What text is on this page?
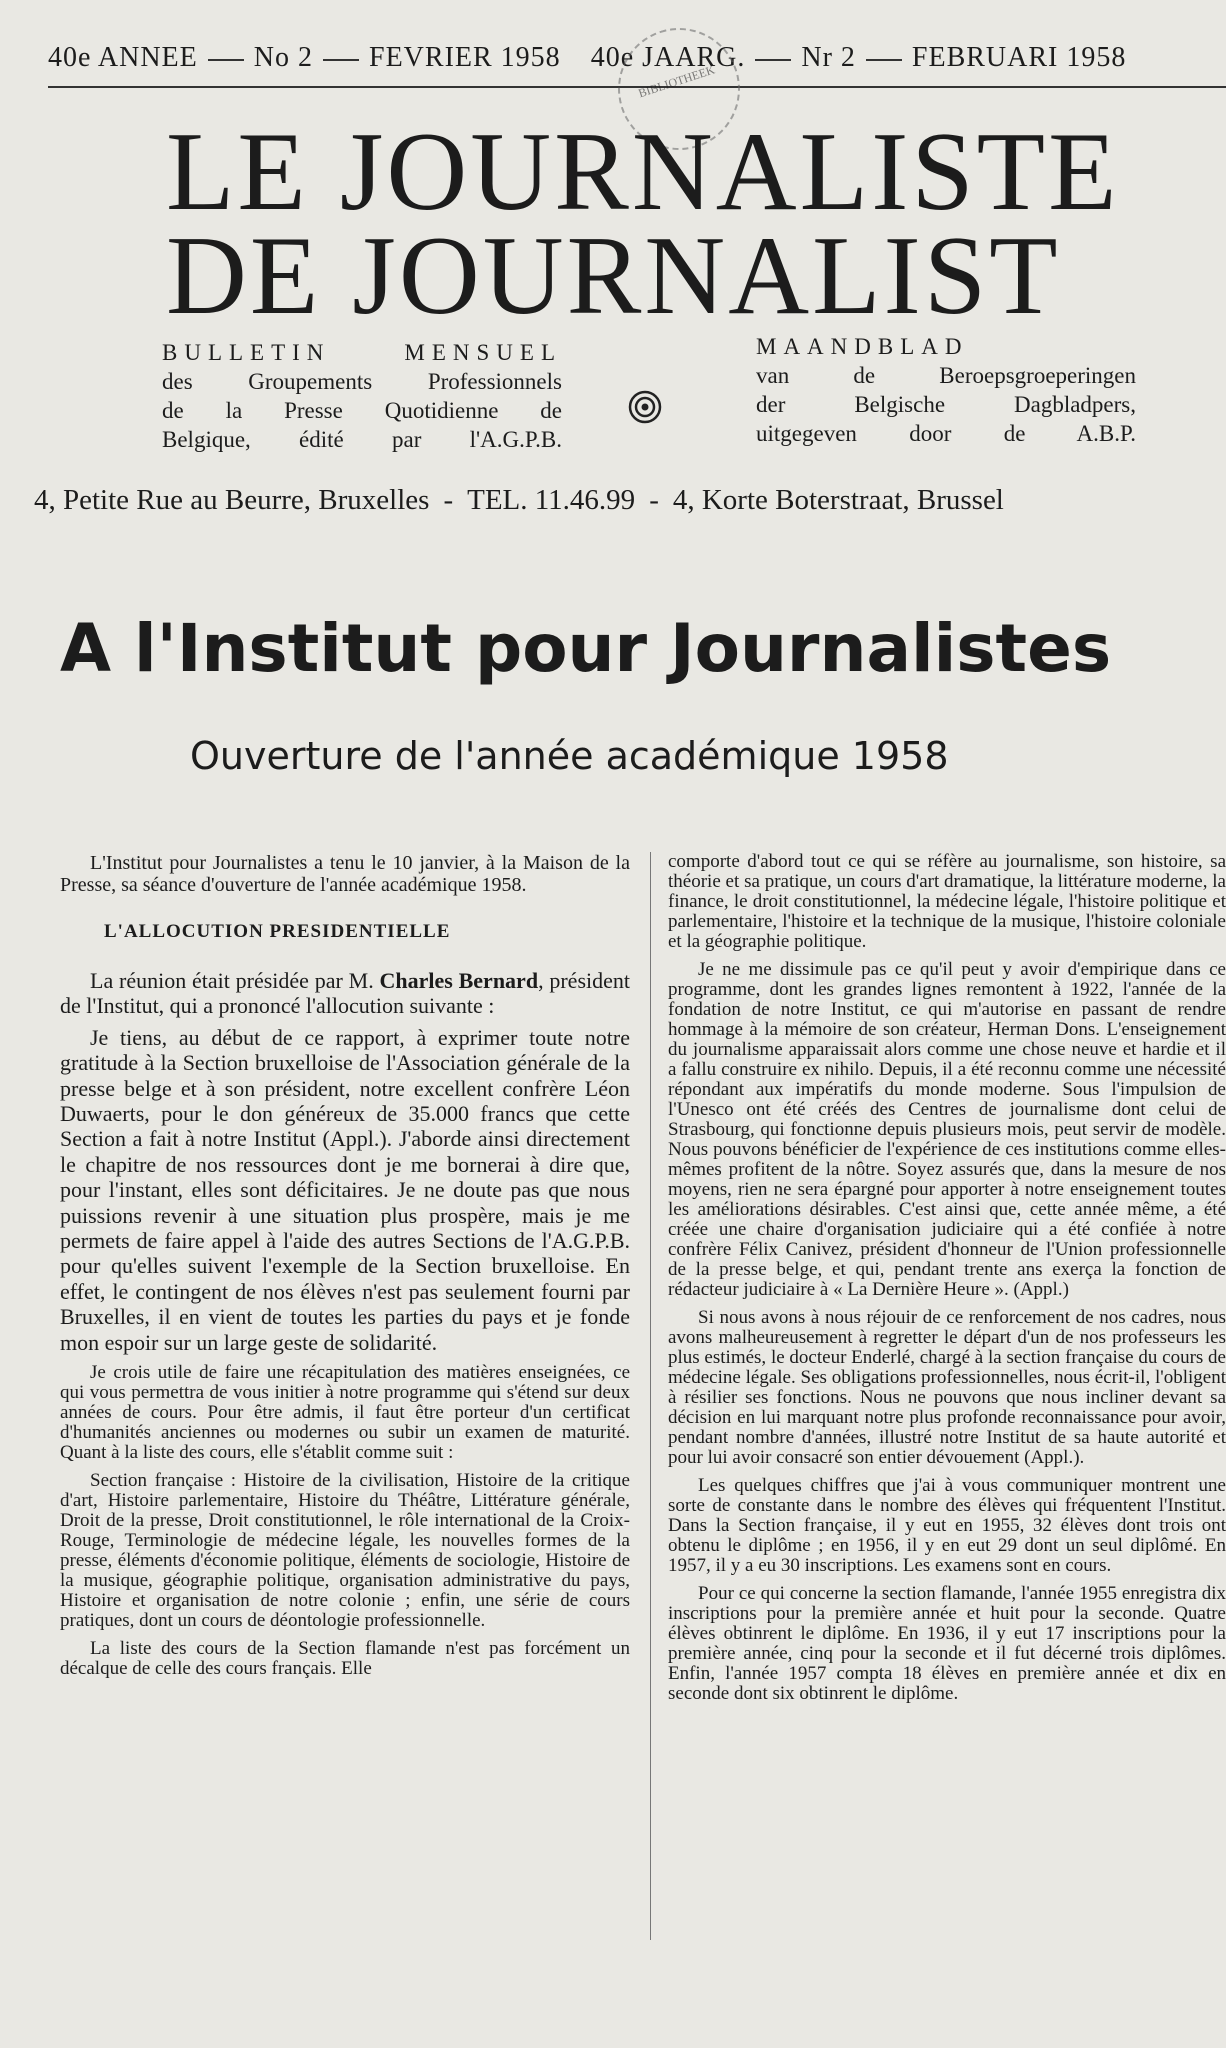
40e ANNEE No 2 FEVRIER 1958 40e JAARG. Nr 2 FEBRUARI 1958
BIBLIOTHEEK
LE JOURNALISTE
DE JOURNALIST
BULLETIN MENSUEL
des Groupements Professionnels
de la Presse Quotidienne de
Belgique, édité par l'A.G.P.B.
MAANDBLAD
van de Beroepsgroeperingen
der Belgische Dagbladpers,
uitgegeven door de A.B.P.
4, Petite Rue au Beurre, Bruxelles - TEL. 11.46.99 - 4, Korte Boterstraat, Brussel
A l'Institut pour Journalistes
Ouverture de l'année académique 1958

L'Institut pour Journalistes a tenu le 10 janvier, à la Maison de la Presse, sa séance d'ouverture de l'année académique 1958.

L'ALLOCUTION PRESIDENTIELLE

La réunion était présidée par M. Charles Bernard, président de l'Institut, qui a prononcé l'allocution suivante :

Je tiens, au début de ce rapport, à exprimer toute notre gratitude à la Section bruxelloise de l'Association générale de la presse belge et à son président, notre excellent confrère Léon Duwaerts, pour le don généreux de 35.000 francs que cette Section a fait à notre Institut (Appl.). J'aborde ainsi directement le chapitre de nos ressources dont je me bornerai à dire que, pour l'instant, elles sont déficitaires. Je ne doute pas que nous puissions revenir à une situation plus prospère, mais je me permets de faire appel à l'aide des autres Sections de l'A.G.P.B. pour qu'elles suivent l'exemple de la Section bruxelloise. En effet, le contingent de nos élèves n'est pas seulement fourni par Bruxelles, il en vient de toutes les parties du pays et je fonde mon espoir sur un large geste de solidarité.

Je crois utile de faire une récapitulation des matières enseignées, ce qui vous permettra de vous initier à notre programme qui s'étend sur deux années de cours. Pour être admis, il faut être porteur d'un certificat d'humanités anciennes ou modernes ou subir un examen de maturité. Quant à la liste des cours, elle s'établit comme suit :

Section française : Histoire de la civilisation, Histoire de la critique d'art, Histoire parlementaire, Histoire du Théâtre, Littérature générale, Droit de la presse, Droit constitutionnel, le rôle international de la Croix-Rouge, Terminologie de médecine légale, les nouvelles formes de la presse, éléments d'économie politique, éléments de sociologie, Histoire de la musique, géographie politique, organisation administrative du pays, Histoire et organisation de notre colonie ; enfin, une série de cours pratiques, dont un cours de déontologie professionnelle.

La liste des cours de la Section flamande n'est pas forcément un décalque de celle des cours français. Elle

comporte d'abord tout ce qui se réfère au journalisme, son histoire, sa théorie et sa pratique, un cours d'art dramatique, la littérature moderne, la finance, le droit constitutionnel, la médecine légale, l'histoire politique et parlementaire, l'histoire et la technique de la musique, l'histoire coloniale et la géographie politique.

Je ne me dissimule pas ce qu'il peut y avoir d'empirique dans ce programme, dont les grandes lignes remontent à 1922, l'année de la fondation de notre Institut, ce qui m'autorise en passant de rendre hommage à la mémoire de son créateur, Herman Dons. L'enseignement du journalisme apparaissait alors comme une chose neuve et hardie et il a fallu construire ex nihilo. Depuis, il a été reconnu comme une nécessité répondant aux impératifs du monde moderne. Sous l'impulsion de l'Unesco ont été créés des Centres de journalisme dont celui de Strasbourg, qui fonctionne depuis plusieurs mois, peut servir de modèle. Nous pouvons bénéficier de l'expérience de ces institutions comme elles-mêmes profitent de la nôtre. Soyez assurés que, dans la mesure de nos moyens, rien ne sera épargné pour apporter à notre enseignement toutes les améliorations désirables. C'est ainsi que, cette année même, a été créée une chaire d'organisation judiciaire qui a été confiée à notre confrère Félix Canivez, président d'honneur de l'Union professionnelle de la presse belge, et qui, pendant trente ans exerça la fonction de rédacteur judiciaire à « La Dernière Heure ». (Appl.)

Si nous avons à nous réjouir de ce renforcement de nos cadres, nous avons malheureusement à regretter le départ d'un de nos professeurs les plus estimés, le docteur Enderlé, chargé à la section française du cours de médecine légale. Ses obligations professionnelles, nous écrit-il, l'obligent à résilier ses fonctions. Nous ne pouvons que nous incliner devant sa décision en lui marquant notre plus profonde reconnaissance pour avoir, pendant nombre d'années, illustré notre Institut de sa haute autorité et pour lui avoir consacré son entier dévouement (Appl.).

Les quelques chiffres que j'ai à vous communiquer montrent une sorte de constante dans le nombre des élèves qui fréquentent l'Institut. Dans la Section française, il y eut en 1955, 32 élèves dont trois ont obtenu le diplôme ; en 1956, il y en eut 29 dont un seul diplômé. En 1957, il y a eu 30 inscriptions. Les examens sont en cours.

Pour ce qui concerne la section flamande, l'année 1955 enregistra dix inscriptions pour la première année et huit pour la seconde. Quatre élèves obtinrent le diplôme. En 1936, il y eut 17 inscriptions pour la première année, cinq pour la seconde et il fut décerné trois diplômes. Enfin, l'année 1957 compta 18 élèves en première année et dix en seconde dont six obtinrent le diplôme.
